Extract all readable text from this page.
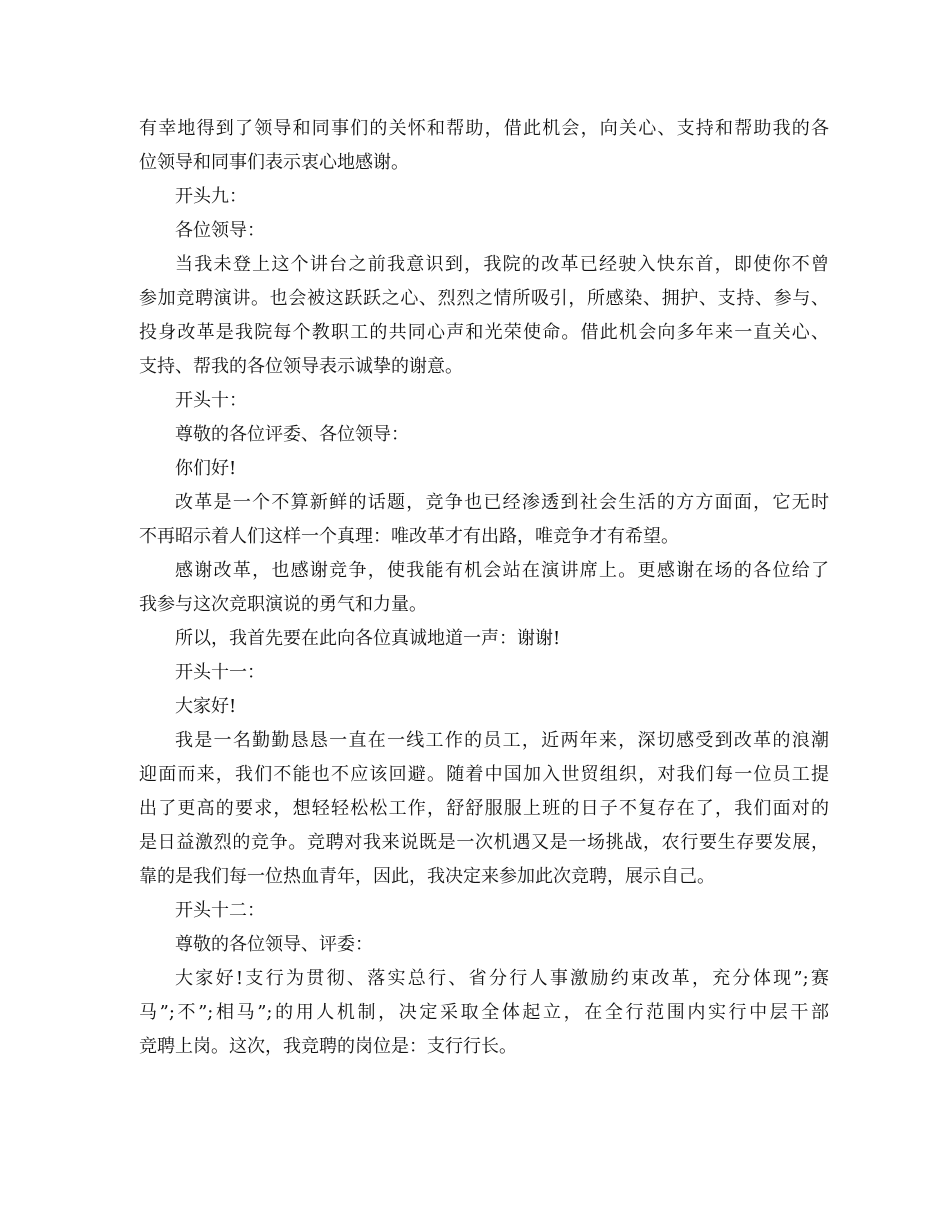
有幸地得到了领导和同事们的关怀和帮助，借此机会，向关心、支持和帮助我的各
位领导和同事们表示衷心地感谢。
开头九：
各位领导：
当我未登上这个讲台之前我意识到，我院的改革已经驶入快东首，即使你不曾
参加竞聘演讲。也会被这跃跃之心、烈烈之情所吸引，所感染、拥护、支持、参与、
投身改革是我院每个教职工的共同心声和光荣使命。借此机会向多年来一直关心、
支持、帮我的各位领导表示诚挚的谢意。
开头十：
尊敬的各位评委、各位领导：
你们好!
改革是一个不算新鲜的话题，竞争也已经渗透到社会生活的方方面面，它无时
不再昭示着人们这样一个真理：唯改革才有出路，唯竞争才有希望。
感谢改革，也感谢竞争，使我能有机会站在演讲席上。更感谢在场的各位给了
我参与这次竞职演说的勇气和力量。
所以，我首先要在此向各位真诚地道一声：谢谢!
开头十一：
大家好!
我是一名勤勤恳恳一直在一线工作的员工，近两年来，深切感受到改革的浪潮
迎面而来，我们不能也不应该回避。随着中国加入世贸组织，对我们每一位员工提
出了更高的要求，想轻轻松松工作，舒舒服服上班的日子不复存在了，我们面对的
是日益激烈的竞争。竞聘对我来说既是一次机遇又是一场挑战，农行要生存要发展，
靠的是我们每一位热血青年，因此，我决定来参加此次竞聘，展示自己。
开头十二：
尊敬的各位领导、评委：
大家好!支行为贯彻、落实总行、省分行人事激励约束改革，充分体现”;赛
马”;不”;相马”;的用人机制，决定采取全体起立，在全行范围内实行中层干部
竞聘上岗。这次，我竞聘的岗位是：支行行长。
